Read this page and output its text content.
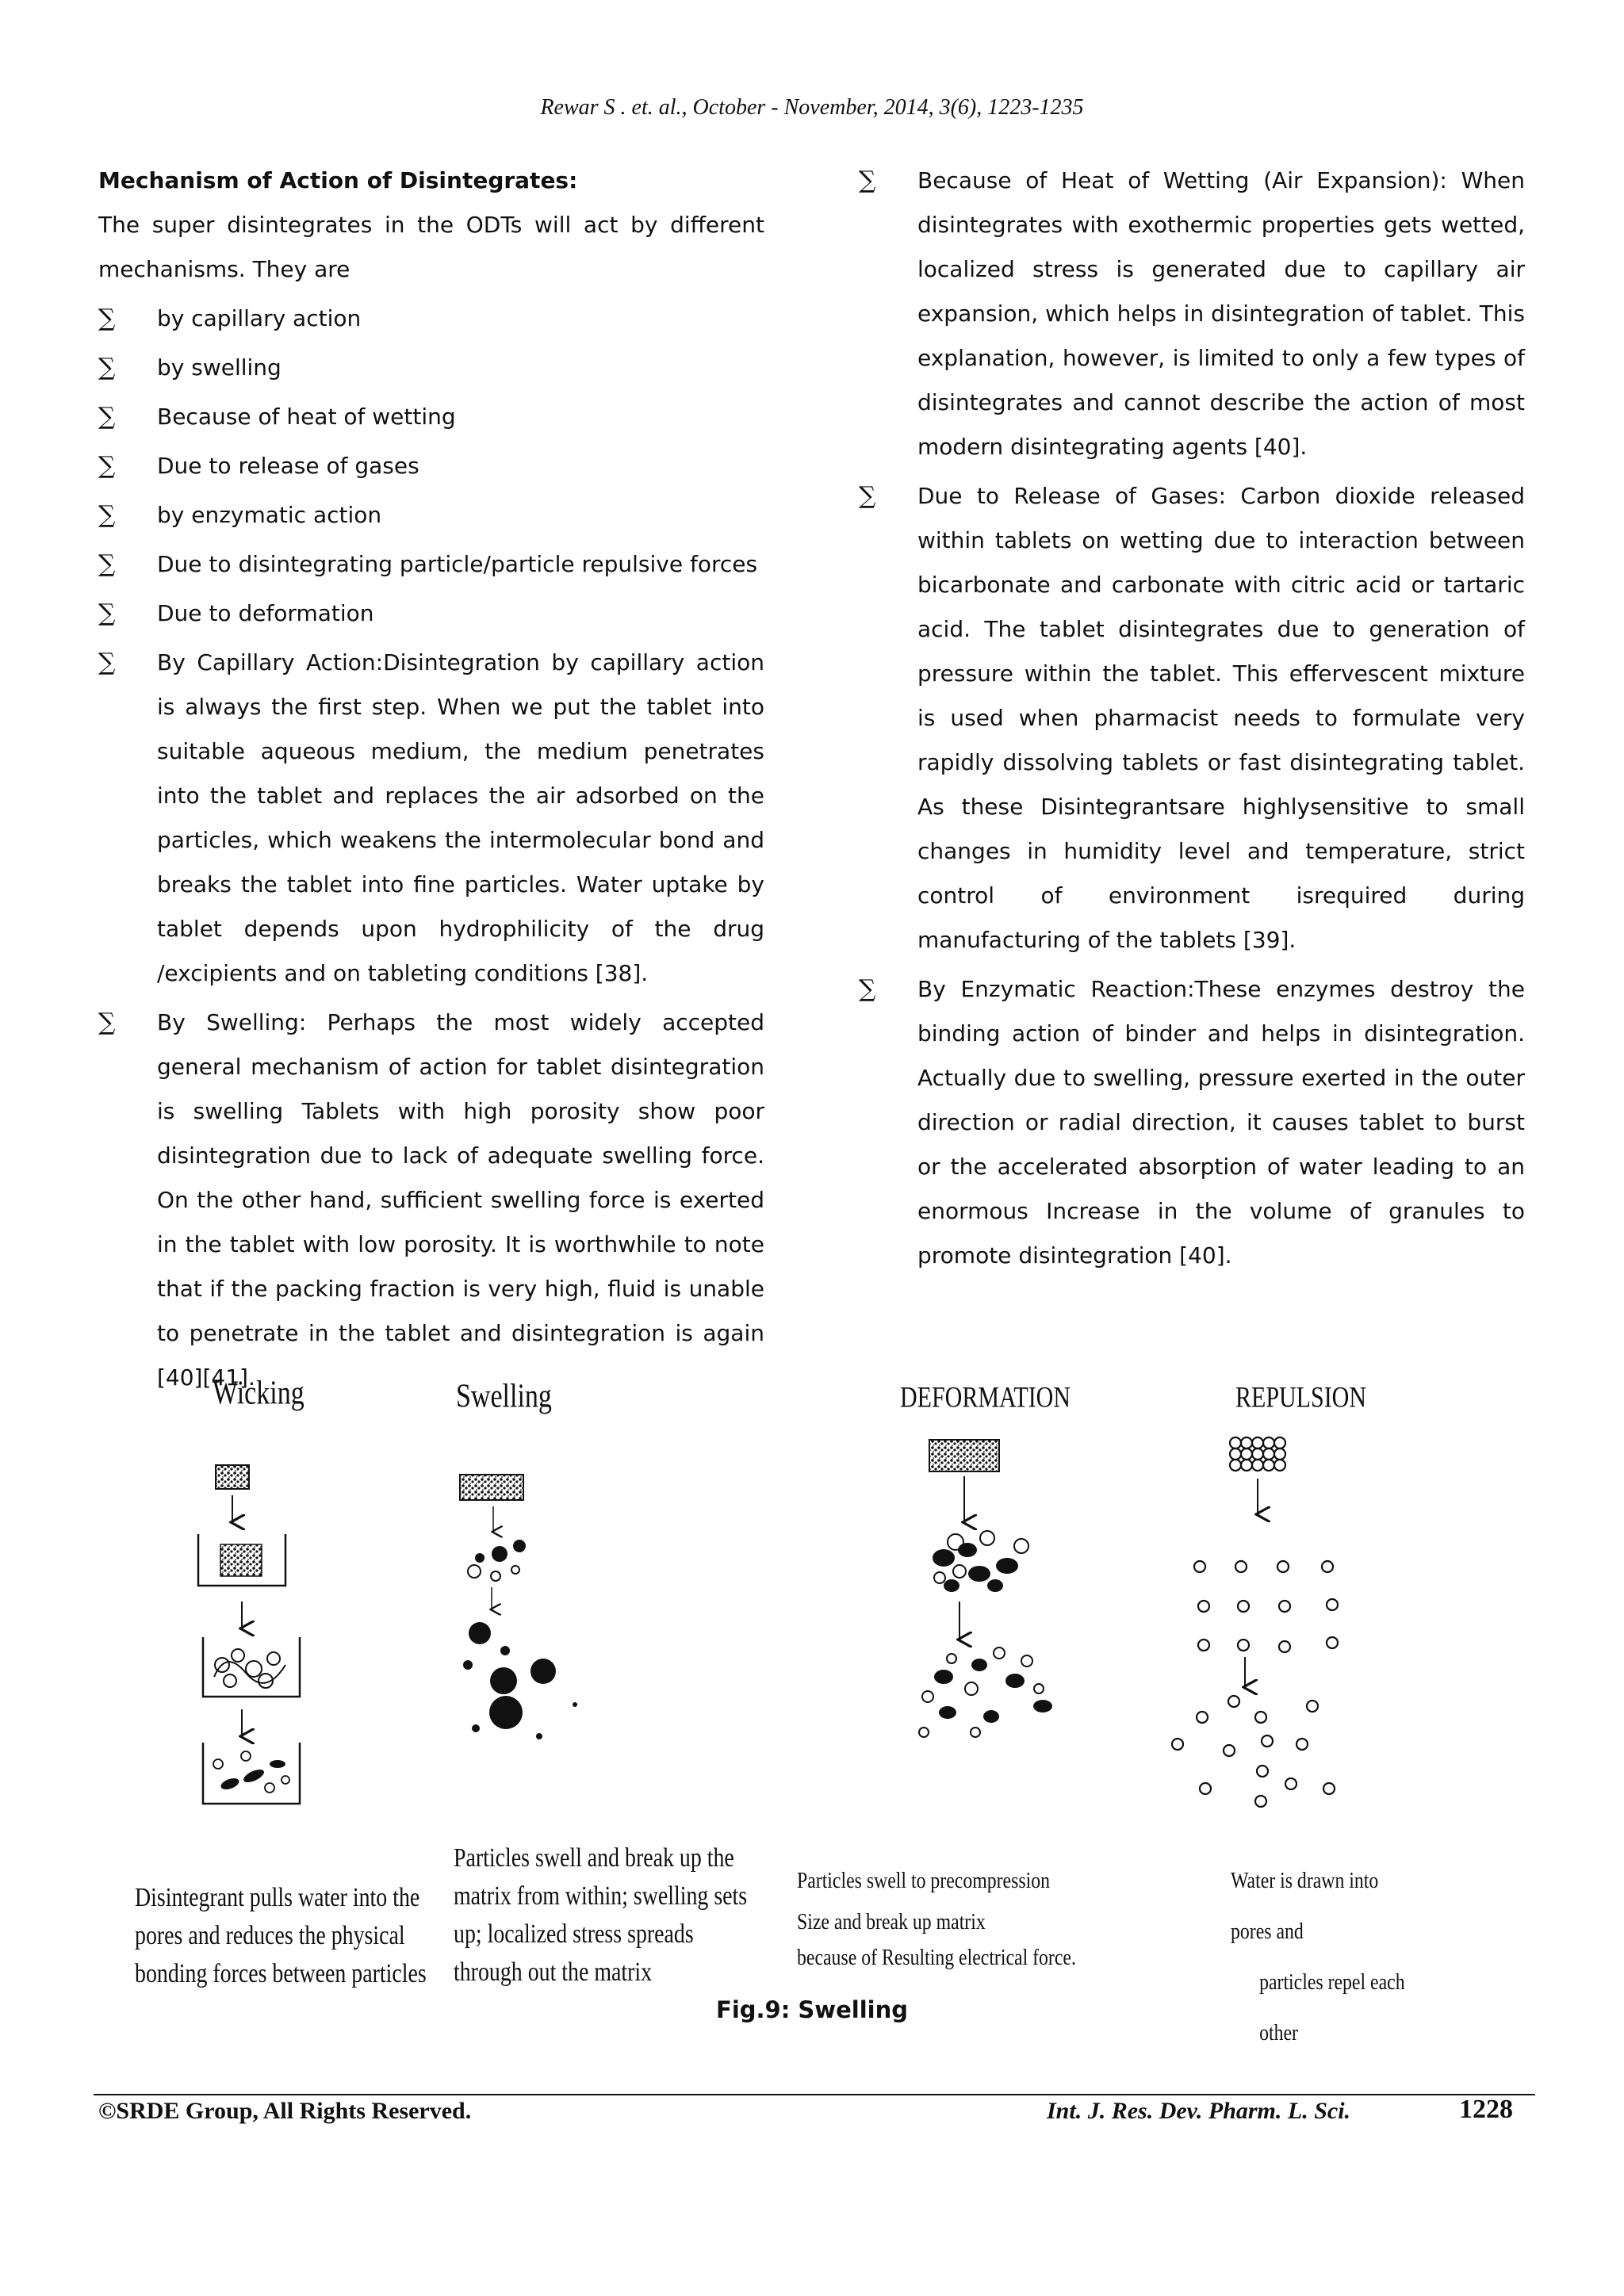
Rewar S . et. al., October - November, 2014, 3(6), 1223-1235
Mechanism of Action of Disintegrates:
The super disintegrates in the ODTs will act by different mechanisms. They are
∑	by capillary action
∑	by swelling
∑	Because of heat of wetting
∑	Due to release of gases
∑	by enzymatic action
∑	Due to disintegrating particle/particle repulsive forces
∑	Due to deformation
∑	By Capillary Action:Disintegration by capillary action is always the first step. When we put the tablet into suitable aqueous medium, the medium penetrates into the tablet and replaces the air adsorbed on the particles, which weakens the intermolecular bond and breaks the tablet into fine particles. Water uptake by tablet depends upon hydrophilicity of the drug /excipients and on tableting conditions [38].
∑	By Swelling: Perhaps the most widely accepted general mechanism of action for tablet disintegration is swelling Tablets with high porosity show poor disintegration due to lack of adequate swelling force. On the other hand, sufficient swelling force is exerted in the tablet with low porosity. It is worthwhile to note that if the packing fraction is very high, fluid is unable to penetrate in the tablet and disintegration is again [40][41].
∑	Because of Heat of Wetting (Air Expansion): When disintegrates with exothermic properties gets wetted, localized stress is generated due to capillary air expansion, which helps in disintegration of tablet. This explanation, however, is limited to only a few types of disintegrates and cannot describe the action of most modern disintegrating agents [40].
∑	Due to Release of Gases: Carbon dioxide released within tablets on wetting due to interaction between bicarbonate and carbonate with citric acid or tartaric acid. The tablet disintegrates due to generation of pressure within the tablet. This effervescent mixture is used when pharmacist needs to formulate very rapidly dissolving tablets or fast disintegrating tablet. As these Disintegrantsare highlysensitive to small changes in humidity level and temperature, strict control of environment isrequired during manufacturing of the tablets [39].
∑	By Enzymatic Reaction:These enzymes destroy the binding action of binder and helps in disintegration. Actually due to swelling, pressure exerted in the outer direction or radial direction, it causes tablet to burst or the accelerated absorption of water leading to an enormous Increase in the volume of granules to promote disintegration [40].
Wicking	Swelling	DEFORMATION	REPULSION
Disintegrant pulls water into the
pores and reduces the physical
bonding forces between particles
Particles swell and break up the
matrix from within; swelling sets
up; localized stress spreads
through out the matrix
Particles swell to precompression
Size and break up matrix
because of Resulting electrical force.
Water is drawn into pores and
particles repel each other
Fig.9: Swelling
©SRDE Group, All Rights Reserved.	Int. J. Res. Dev. Pharm. L. Sci.	1228
